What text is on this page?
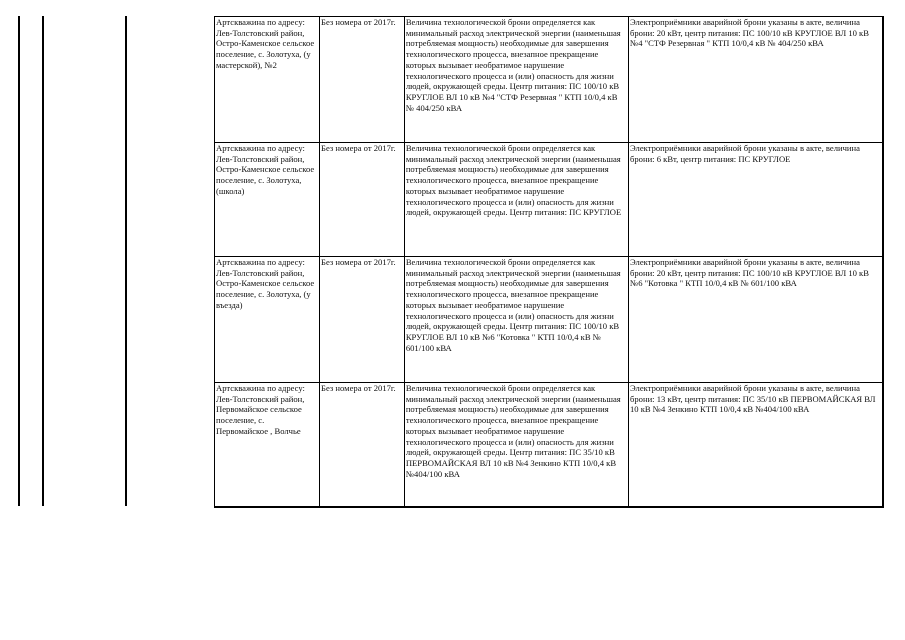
Артскважина по адресу: Лев-Толстовский район, Остро-Каменское сельское поселение, с. Золотуха, (у мастерской), №2	Без номера от 2017г.	Величина технологической брони определяется как минимальный расход электрической энергии (наименьшая потребляемая мощность) необходимые для завершения технологического процесса, внезапное прекращение которых вызывает необратимое нарушение технологического процесса и (или) опасность для жизни людей, окружающей среды. Центр питания: ПС 100/10 кВ КРУГЛОЕ ВЛ 10 кВ №4 "СТФ Резервная " КТП 10/0,4 кВ № 404/250 кВА	Электроприёмники аварийной брони указаны в акте, величина брони: 20 кВт, центр питания: ПС 100/10 кВ КРУГЛОЕ ВЛ 10 кВ №4 "СТФ Резервная " КТП 10/0,4 кВ № 404/250 кВА
Артскважина по адресу: Лев-Толстовский район, Остро-Каменское сельское поселение, с. Золотуха, (школа)	Без номера от 2017г.	Величина технологической брони определяется как минимальный расход электрической энергии (наименьшая потребляемая мощность) необходимые для завершения технологического процесса, внезапное прекращение которых вызывает необратимое нарушение технологического процесса и (или) опасность для жизни людей, окружающей среды. Центр питания: ПС КРУГЛОЕ	Электроприёмники аварийной брони указаны в акте, величина брони: 6 кВт, центр питания: ПС КРУГЛОЕ
Артскважина по адресу: Лев-Толстовский район, Остро-Каменское сельское поселение, с. Золотуха, (у въезда)	Без номера от 2017г.	Величина технологической брони определяется как минимальный расход электрической энергии (наименьшая потребляемая мощность) необходимые для завершения технологического процесса, внезапное прекращение которых вызывает необратимое нарушение технологического процесса и (или) опасность для жизни людей, окружающей среды. Центр питания: ПС 100/10 кВ КРУГЛОЕ ВЛ 10 кВ №6 "Котовка " КТП 10/0,4 кВ № 601/100 кВА	Электроприёмники аварийной брони указаны в акте, величина брони: 20 кВт, центр питания: ПС 100/10 кВ КРУГЛОЕ ВЛ 10 кВ №6 "Котовка " КТП 10/0,4 кВ № 601/100 кВА
Артскважина по адресу: Лев-Толстовский район, Первомайское сельское поселение, с. Первомайское , Волчье	Без номера от 2017г.	Величина технологической брони определяется как минимальный расход электрической энергии (наименьшая потребляемая мощность) необходимые для завершения технологического процесса, внезапное прекращение которых вызывает необратимое нарушение технологического процесса и (или) опасность для жизни людей, окружающей среды. Центр питания: ПС 35/10 кВ ПЕРВОМАЙСКАЯ ВЛ 10 кВ №4 Зенкино КТП 10/0,4 кВ №404/100 кВА	Электроприёмники аварийной брони указаны в акте, величина брони: 13 кВт, центр питания: ПС 35/10 кВ ПЕРВОМАЙСКАЯ ВЛ 10 кВ №4 Зенкино КТП 10/0,4 кВ №404/100 кВА
